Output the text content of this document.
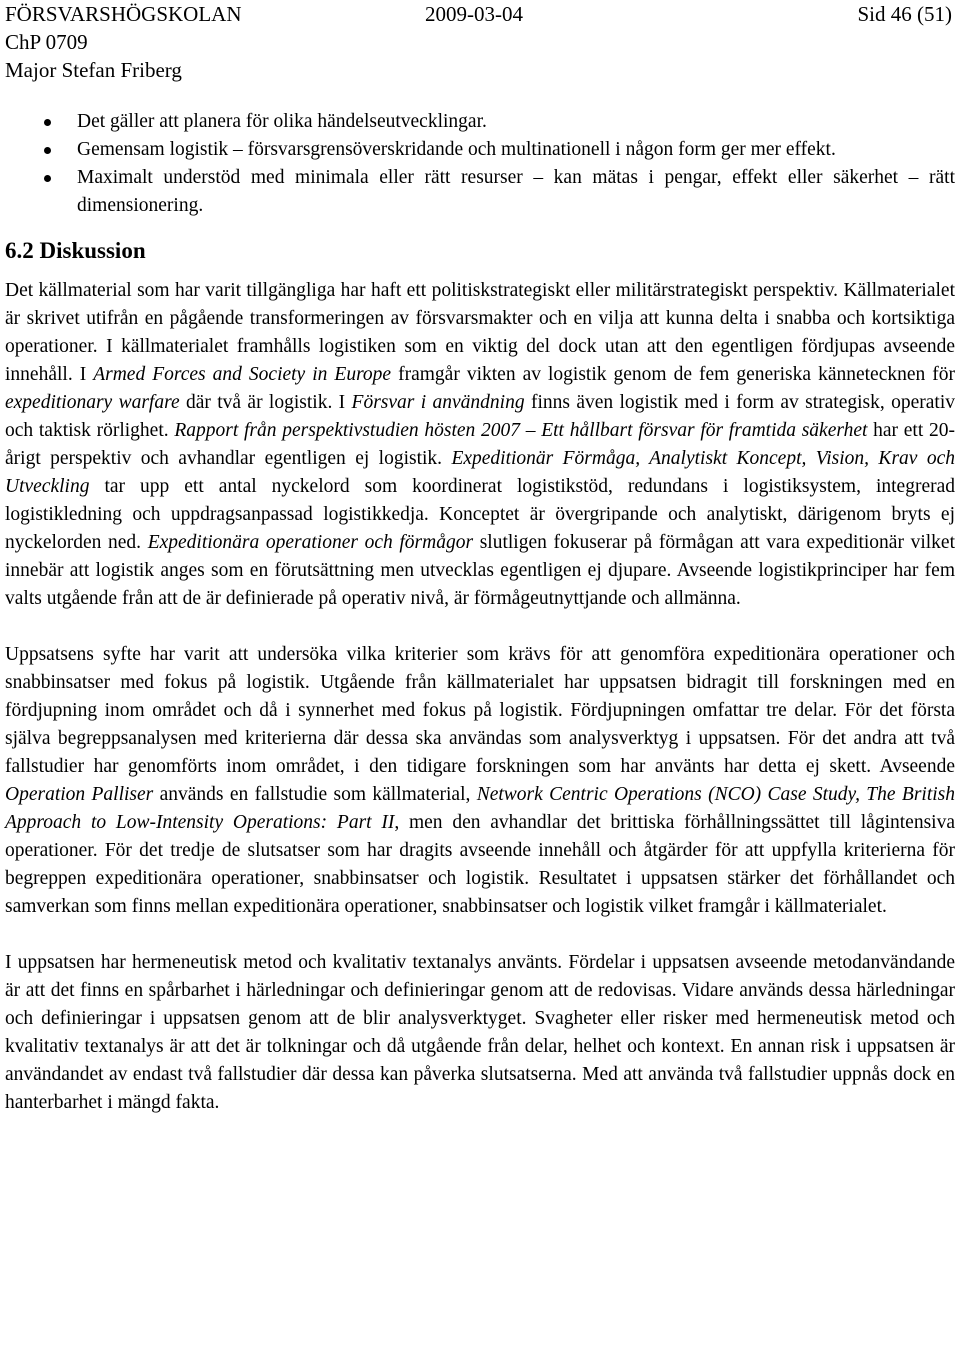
FÖRSVARSHÖGSKOLAN	2009-03-04	Sid 46 (51)
ChP 0709
Major Stefan Friberg
Det gäller att planera för olika händelseutvecklingar.
Gemensam logistik – försvarsgrensöverskridande och multinationell i någon form ger mer effekt.
Maximalt understöd med minimala eller rätt resurser – kan mätas i pengar, effekt eller säkerhet – rätt dimensionering.
6.2 Diskussion

Det källmaterial som har varit tillgängliga har haft ett politiskstrategiskt eller militärstrategiskt perspektiv. Källmaterialet är skrivet utifrån en pågående transformeringen av försvarsmakter och en vilja att kunna delta i snabba och kortsiktiga operationer. I källmaterialet framhålls logistiken som en viktig del dock utan att den egentligen fördjupas avseende innehåll. I Armed Forces and Society in Europe framgår vikten av logistik genom de fem generiska kännetecknen för expeditionary warfare där två är logistik. I Försvar i användning finns även logistik med i form av strategisk, operativ och taktisk rörlighet. Rapport från perspektivstudien hösten 2007 – Ett hållbart försvar för framtida säkerhet har ett 20-årigt perspektiv och avhandlar egentligen ej logistik. Expeditionär Förmåga, Analytiskt Koncept, Vision, Krav och Utveckling tar upp ett antal nyckelord som koordinerat logistikstöd, redundans i logistiksystem, integrerad logistikledning och uppdragsanpassad logistikkedja. Konceptet är övergripande och analytiskt, därigenom bryts ej nyckelorden ned. Expeditionära operationer och förmågor slutligen fokuserar på förmågan att vara expeditionär vilket innebär att logistik anges som en förutsättning men utvecklas egentligen ej djupare. Avseende logistikprinciper har fem valts utgående från att de är definierade på operativ nivå, är förmågeutnyttjande och allmänna.

Uppsatsens syfte har varit att undersöka vilka kriterier som krävs för att genomföra expeditionära operationer och snabbinsatser med fokus på logistik. Utgående från källmaterialet har uppsatsen bidragit till forskningen med en fördjupning inom området och då i synnerhet med fokus på logistik. Fördjupningen omfattar tre delar. För det första själva begreppsanalysen med kriterierna där dessa ska användas som analysverktyg i uppsatsen. För det andra att två fallstudier har genomförts inom området, i den tidigare forskningen som har använts har detta ej skett. Avseende Operation Palliser används en fallstudie som källmaterial, Network Centric Operations (NCO) Case Study, The British Approach to Low-Intensity Operations: Part II, men den avhandlar det brittiska förhållningssättet till lågintensiva operationer. För det tredje de slutsatser som har dragits avseende innehåll och åtgärder för att uppfylla kriterierna för begreppen expeditionära operationer, snabbinsatser och logistik. Resultatet i uppsatsen stärker det förhållandet och samverkan som finns mellan expeditionära operationer, snabbinsatser och logistik vilket framgår i källmaterialet.

I uppsatsen har hermeneutisk metod och kvalitativ textanalys använts. Fördelar i uppsatsen avseende metodanvändande är att det finns en spårbarhet i härledningar och definieringar genom att de redovisas. Vidare används dessa härledningar och definieringar i uppsatsen genom att de blir analysverktyget. Svagheter eller risker med hermeneutisk metod och kvalitativ textanalys är att det är tolkningar och då utgående från delar, helhet och kontext. En annan risk i uppsatsen är användandet av endast två fallstudier där dessa kan påverka slutsatserna. Med att använda två fallstudier uppnås dock en hanterbarhet i mängd fakta.
